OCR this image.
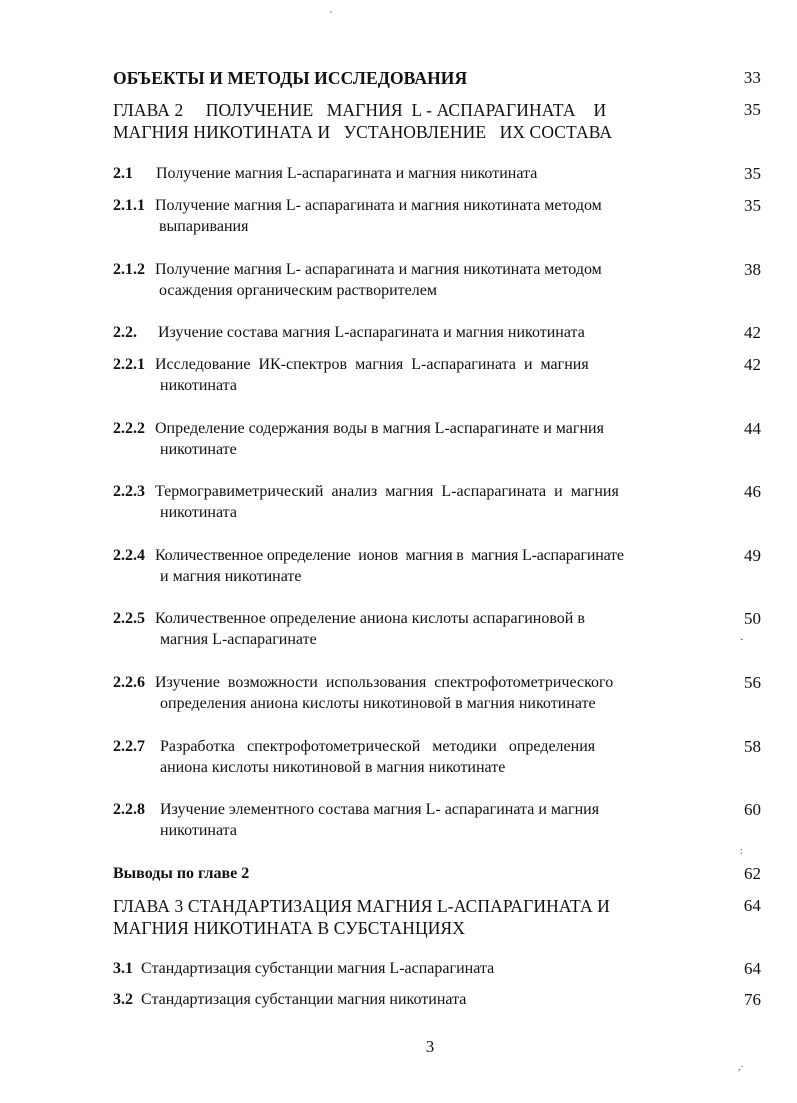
'
ˇ
:
,·
ОБЪЕКТЫ И МЕТОДЫ ИССЛЕДОВАНИЯ	33
ГЛАВА 2     ПОЛУЧЕНИЕ   МАГНИЯ  L - АСПАРАГИНАТА    И	35
МАГНИЯ НИКОТИНАТА И   УСТАНОВЛЕНИЕ   ИХ СОСТАВА
2.1 Получение магния L-аспарагината и магния никотината	35
2.1.1 Получение магния L- аспарагината и магния никотината методом	35
выпаривания
2.1.2 Получение магния L- аспарагината и магния никотината методом	38
осаждения органическим растворителем
2.2. Изучение состава магния L-аспарагината и магния никотината	42
2.2.1 Исследование  ИК-спектров  магния  L-аспарагината  и  магния	42
никотината
2.2.2 Определение содержания воды в магния L-аспарагинате и магния	44
никотинате
2.2.3 Термогравиметрический  анализ  магния  L-аспарагината  и  магния	46
никотината
2.2.4 Количественное определение  ионов  магния в  магния L-аспарагинате	49
и магния никотинате
2.2.5 Количественное определение аниона кислоты аспарагиновой в	50
магния L-аспарагинате
2.2.6 Изучение  возможности  использования  спектрофотометрического	56
определения аниона кислоты никотиновой в магния никотинате
2.2.7 Разработка   спектрофотометрической   методики   определения	58
аниона кислоты никотиновой в магния никотинате
2.2.8 Изучение элементного состава магния L- аспарагината и магния	60
никотината
Выводы по главе 2	62
ГЛАВА 3 СТАНДАРТИЗАЦИЯ МАГНИЯ L-АСПАРАГИНАТА И	64
МАГНИЯ НИКОТИНАТА В СУБСТАНЦИЯХ
3.1 Стандартизация субстанции магния L-аспарагината	64
3.2 Стандартизация субстанции магния никотината	76
3
